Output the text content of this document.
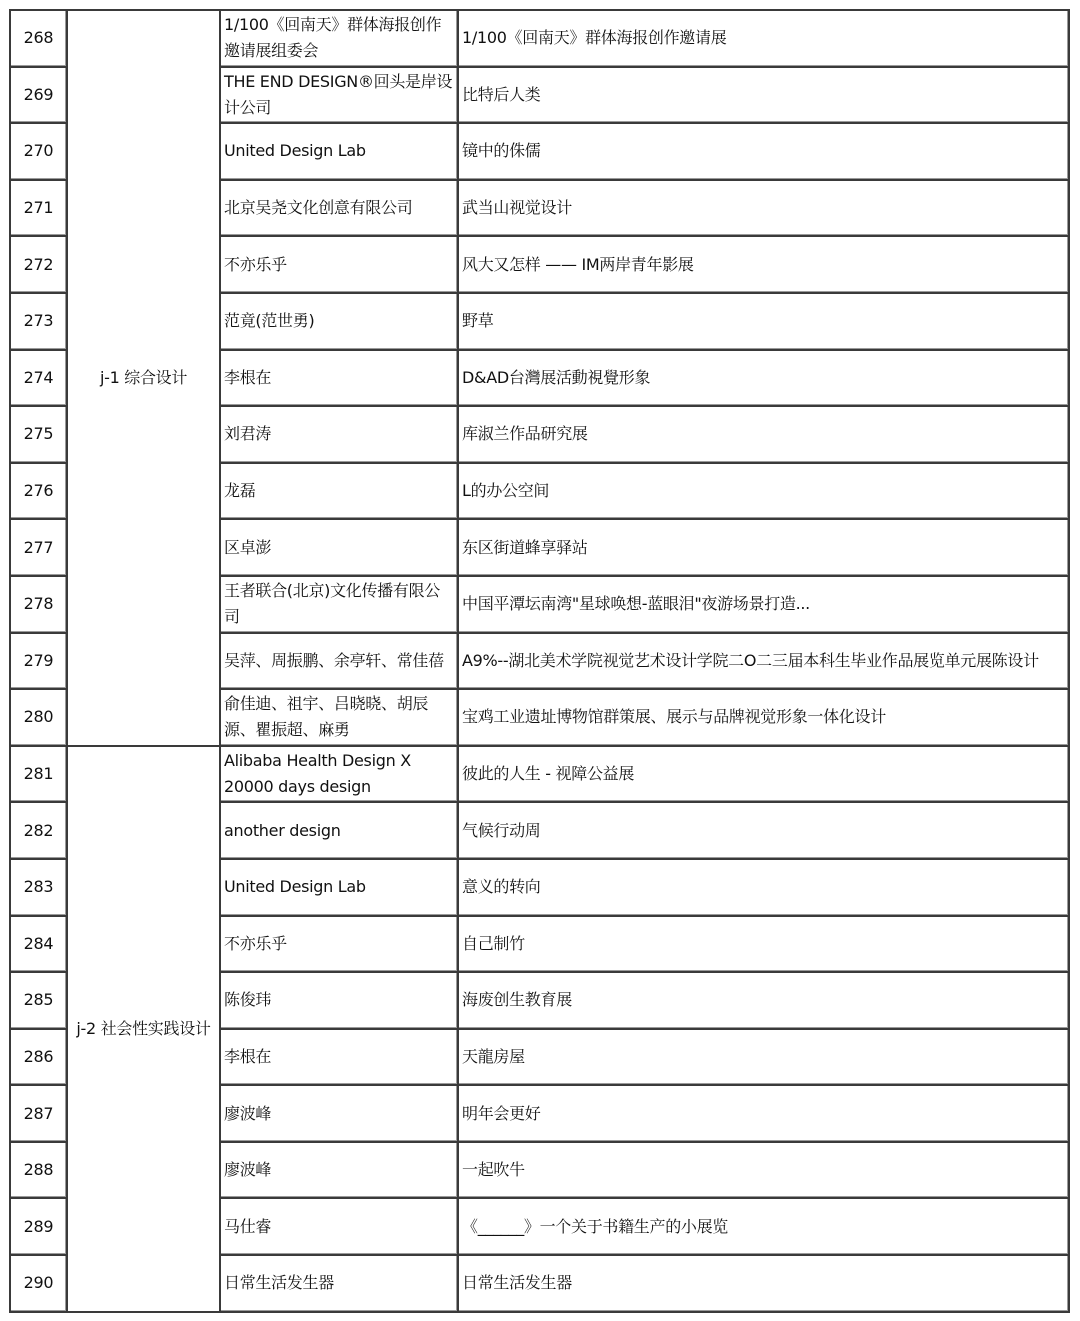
268	j-1 综合设计	1/100《回南天》群体海报创作邀请展组委会	1/100《回南天》群体海报创作邀请展
269		THE END DESIGN®回头是岸设计公司	比特后人类
270		United Design Lab	镜中的侏儒
271		北京吴尧文化创意有限公司	武当山视觉设计
272		不亦乐乎	风大又怎样 —— IM两岸青年影展
273		范竟(范世勇)	野草
274		李根在	D&AD台灣展活動視覺形象
275		刘君涛	库淑兰作品研究展
276		龙磊	L的办公空间
277		区卓澎	东区街道蜂享驿站
278		王者联合(北京)文化传播有限公司	中国平潭坛南湾"星球唤想-蓝眼泪"夜游场景打造...
279		吴萍、周振鹏、余亭轩、常佳蓓	A9%--湖北美术学院视觉艺术设计学院二O二三届本科生毕业作品展览单元展陈设计
280		俞佳迪、祖宇、吕晓晓、胡辰源、瞿振超、麻勇	宝鸡工业遗址博物馆群策展、展示与品牌视觉形象一体化设计
281	j-2 社会性实践设计	Alibaba Health Design X 20000 days design	彼此的人生 - 视障公益展
282		another design	气候行动周
283		United Design Lab	意义的转向
284		不亦乐乎	自己制竹
285		陈俊玮	海废创生教育展
286		李根在	天龍房屋
287		廖波峰	明年会更好
288		廖波峰	一起吹牛
289		马仕睿	《______》一个关于书籍生产的小展览
290		日常生活发生器	日常生活发生器
